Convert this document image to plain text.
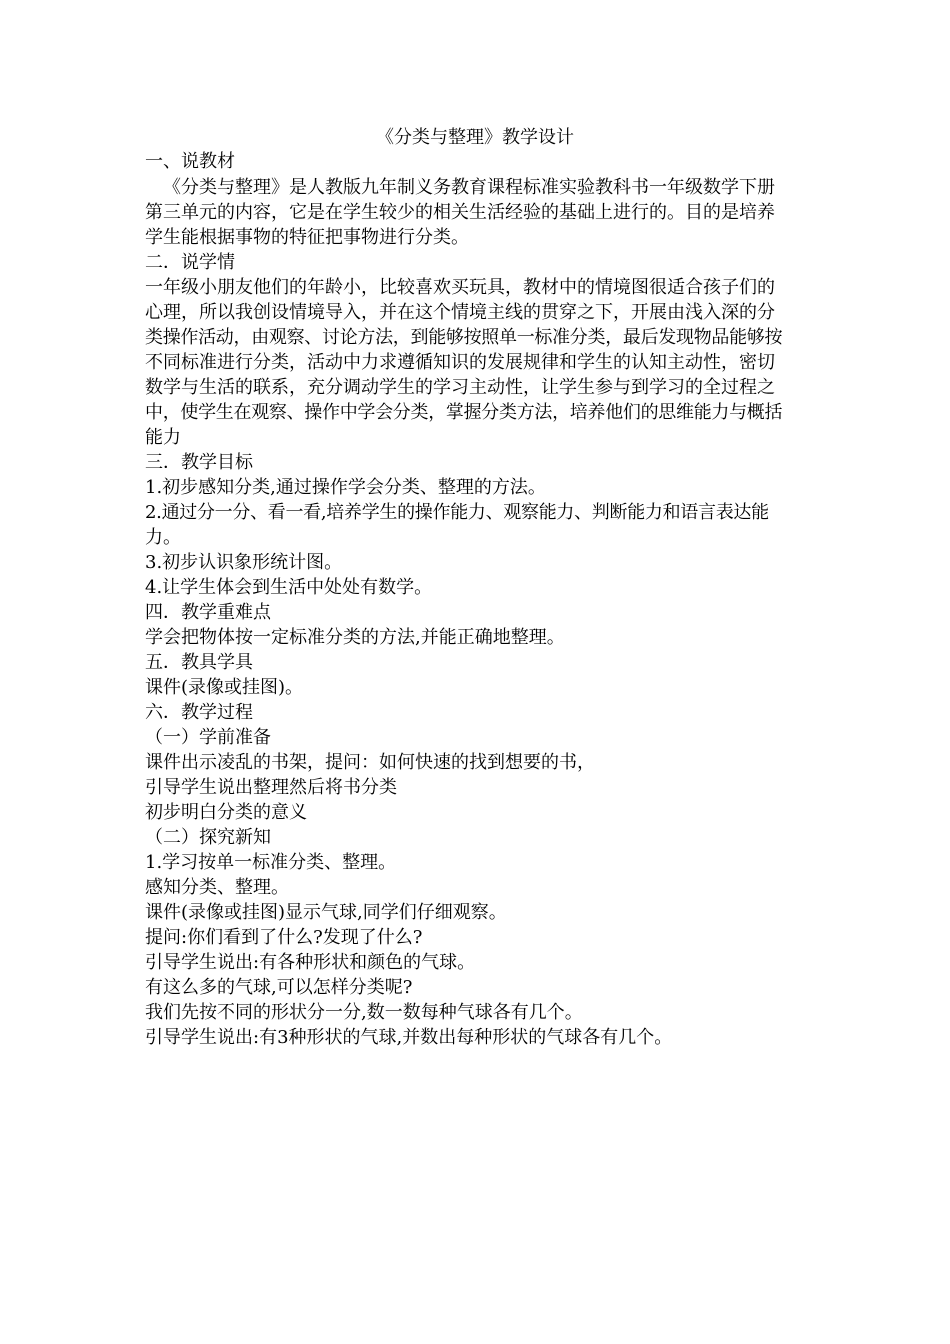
《分类与整理》教学设计
一、说教材
《分类与整理》是人教版九年制义务教育课程标准实验教科书一年级数学下册
第三单元的内容，它是在学生较少的相关生活经验的基础上进行的。目的是培养
学生能根据事物的特征把事物进行分类。
二．说学情
一年级小朋友他们的年龄小，比较喜欢买玩具，教材中的情境图很适合孩子们的
心理，所以我创设情境导入，并在这个情境主线的贯穿之下，开展由浅入深的分
类操作活动，由观察、讨论方法，到能够按照单一标准分类，最后发现物品能够按
不同标准进行分类，活动中力求遵循知识的发展规律和学生的认知主动性，密切
数学与生活的联系，充分调动学生的学习主动性，让学生参与到学习的全过程之
中，使学生在观察、操作中学会分类，掌握分类方法，培养他们的思维能力与概括
能力
三．教学目标
1.初步感知分类,通过操作学会分类、整理的方法。
2.通过分一分、看一看,培养学生的操作能力、观察能力、判断能力和语言表达能
力。
3.初步认识象形统计图。
4.让学生体会到生活中处处有数学。
四．教学重难点
学会把物体按一定标准分类的方法,并能正确地整理。
五．教具学具
课件(录像或挂图)。
六．教学过程
（一）学前准备
课件出示凌乱的书架，提问：如何快速的找到想要的书，
引导学生说出整理然后将书分类
初步明白分类的意义
（二）探究新知
1.学习按单一标准分类、整理。
感知分类、整理。
课件(录像或挂图)显示气球,同学们仔细观察。
提问:你们看到了什么?发现了什么?
引导学生说出:有各种形状和颜色的气球。
有这么多的气球,可以怎样分类呢?
我们先按不同的形状分一分,数一数每种气球各有几个。
引导学生说出:有3种形状的气球,并数出每种形状的气球各有几个。
